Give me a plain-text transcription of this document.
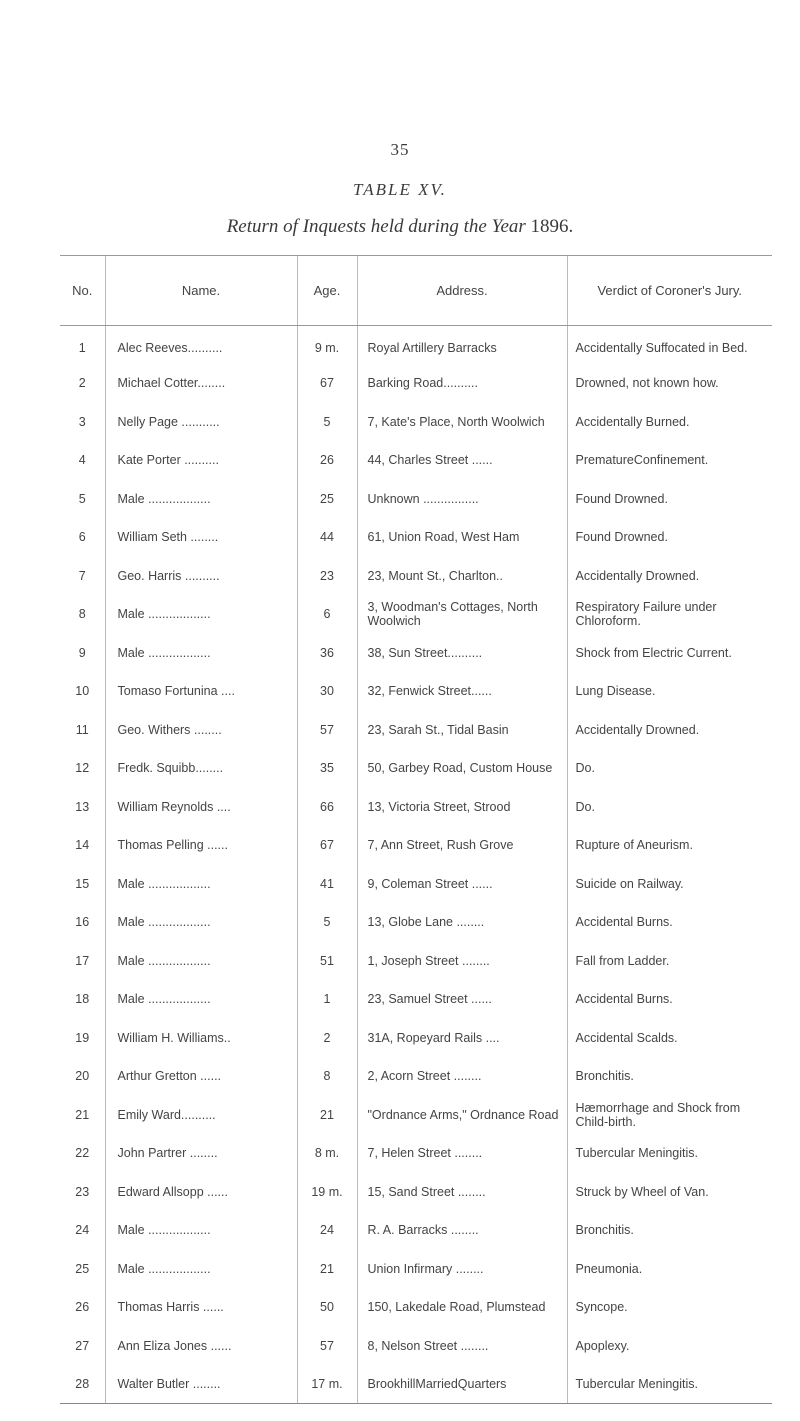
35
TABLE XV.
Return of Inquests held during the Year 1896.
No.	Name.	Age.	Address.	Verdict of Coroner's Jury.
1	Alec Reeves..........	9 m.	Royal Artillery Barracks	Accidentally Suffocated in Bed.
2	Michael Cotter........	67	Barking Road..........	Drowned, not known how.
3	Nelly Page ...........	5	7, Kate's Place, North Woolwich	Accidentally Burned.
4	Kate Porter ..........	26	44, Charles Street ......	PrematureConfinement.
5	Male ..................	25	Unknown ................	Found Drowned.
6	William Seth ........	44	61, Union Road, West Ham	Found Drowned.
7	Geo. Harris ..........	23	23, Mount St., Charlton..	Accidentally Drowned.
8	Male ..................	6	3, Woodman's Cottages, North Woolwich	Respiratory Failure under Chloroform.
9	Male ..................	36	38, Sun Street..........	Shock from Electric Current.
10	Tomaso Fortunina ....	30	32, Fenwick Street......	Lung Disease.
11	Geo. Withers ........	57	23, Sarah St., Tidal Basin	Accidentally Drowned.
12	Fredk. Squibb........	35	50, Garbey Road, Custom House	Do.
13	William Reynolds ....	66	13, Victoria Street, Strood	Do.
14	Thomas Pelling ......	67	7, Ann Street, Rush Grove	Rupture of Aneurism.
15	Male ..................	41	9, Coleman Street ......	Suicide on Railway.
16	Male ..................	5	13, Globe Lane ........	Accidental Burns.
17	Male ..................	51	1, Joseph Street ........	Fall from Ladder.
18	Male ..................	1	23, Samuel Street ......	Accidental Burns.
19	William H. Williams..	2	31A, Ropeyard Rails ....	Accidental Scalds.
20	Arthur Gretton ......	8	2, Acorn Street ........	Bronchitis.
21	Emily Ward..........	21	"Ordnance Arms," Ordnance Road	Hæmorrhage and Shock from Child-birth.
22	John Partrer ........	8 m.	7, Helen Street ........	Tubercular Meningitis.
23	Edward Allsopp ......	19 m.	15, Sand Street ........	Struck by Wheel of Van.
24	Male ..................	24	R. A. Barracks ........	Bronchitis.
25	Male ..................	21	Union Infirmary ........	Pneumonia.
26	Thomas Harris ......	50	150, Lakedale Road, Plumstead	Syncope.
27	Ann Eliza Jones ......	57	8, Nelson Street ........	Apoplexy.
28	Walter Butler ........	17 m.	BrookhillMarriedQuarters	Tubercular Meningitis.
